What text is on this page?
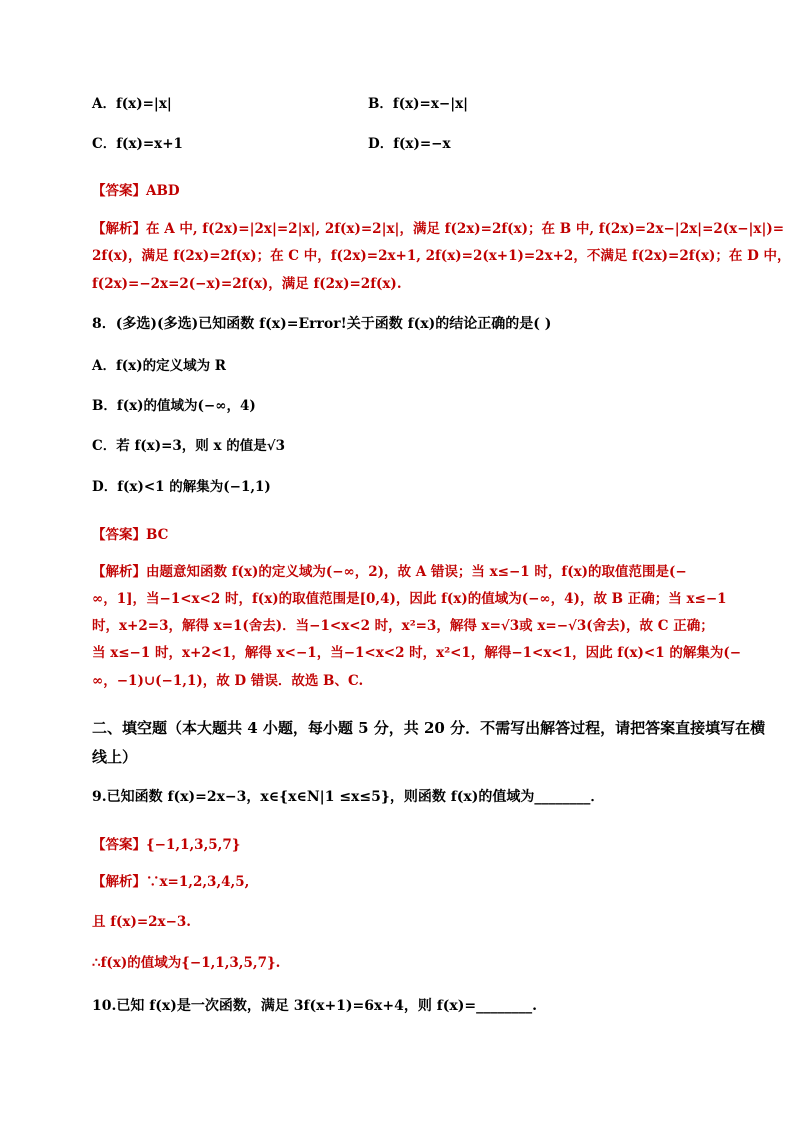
A．f(x)=|x|	B．f(x)=x−|x|
C．f(x)=x+1	D．f(x)=−x
【答案】ABD
【解析】在 A 中, f(2x)=|2x|=2|x|, 2f(x)=2|x|，满足 f(2x)=2f(x)；在 B 中, f(2x)=2x−|2x|=2(x−|x|)=
2f(x)，满足 f(2x)=2f(x)；在 C 中，f(2x)=2x+1, 2f(x)=2(x+1)=2x+2，不满足 f(2x)=2f(x)；在 D 中，
f(2x)=−2x=2(−x)=2f(x)，满足 f(2x)=2f(x).
8．(多选)(多选)已知函数 f(x)=Error!关于函数 f(x)的结论正确的是( )
A．f(x)的定义域为 R
B．f(x)的值域为(−∞，4)
C．若 f(x)=3，则 x 的值是√3
D．f(x)<1 的解集为(−1,1)
【答案】BC
【解析】由题意知函数 f(x)的定义域为(−∞，2)，故 A 错误；当 x≤−1 时，f(x)的取值范围是(−
∞，1]，当−1<x<2 时，f(x)的取值范围是[0,4)，因此 f(x)的值域为(−∞，4)，故 B 正确；当 x≤−1
时，x+2=3，解得 x=1(舍去)．当−1<x<2 时，x²=3，解得 x=√3或 x=−√3(舍去)，故 C 正确；
当 x≤−1 时，x+2<1，解得 x<−1，当−1<x<2 时，x²<1，解得−1<x<1，因此 f(x)<1 的解集为(−
∞，−1)∪(−1,1)，故 D 错误．故选 B、C.
二、填空题（本大题共 4 小题，每小题 5 分，共 20 分．不需写出解答过程，请把答案直接填写在横
线上）
9.已知函数 f(x)=2x−3，x∈{x∈N|1 ≤x≤5}，则函数 f(x)的值域为________．
【答案】{−1,1,3,5,7}
【解析】∵x=1,2,3,4,5,
且 f(x)=2x−3.
∴f(x)的值域为{−1,1,3,5,7}.
10.已知 f(x)是一次函数，满足 3f(x+1)=6x+4，则 f(x)=________.
